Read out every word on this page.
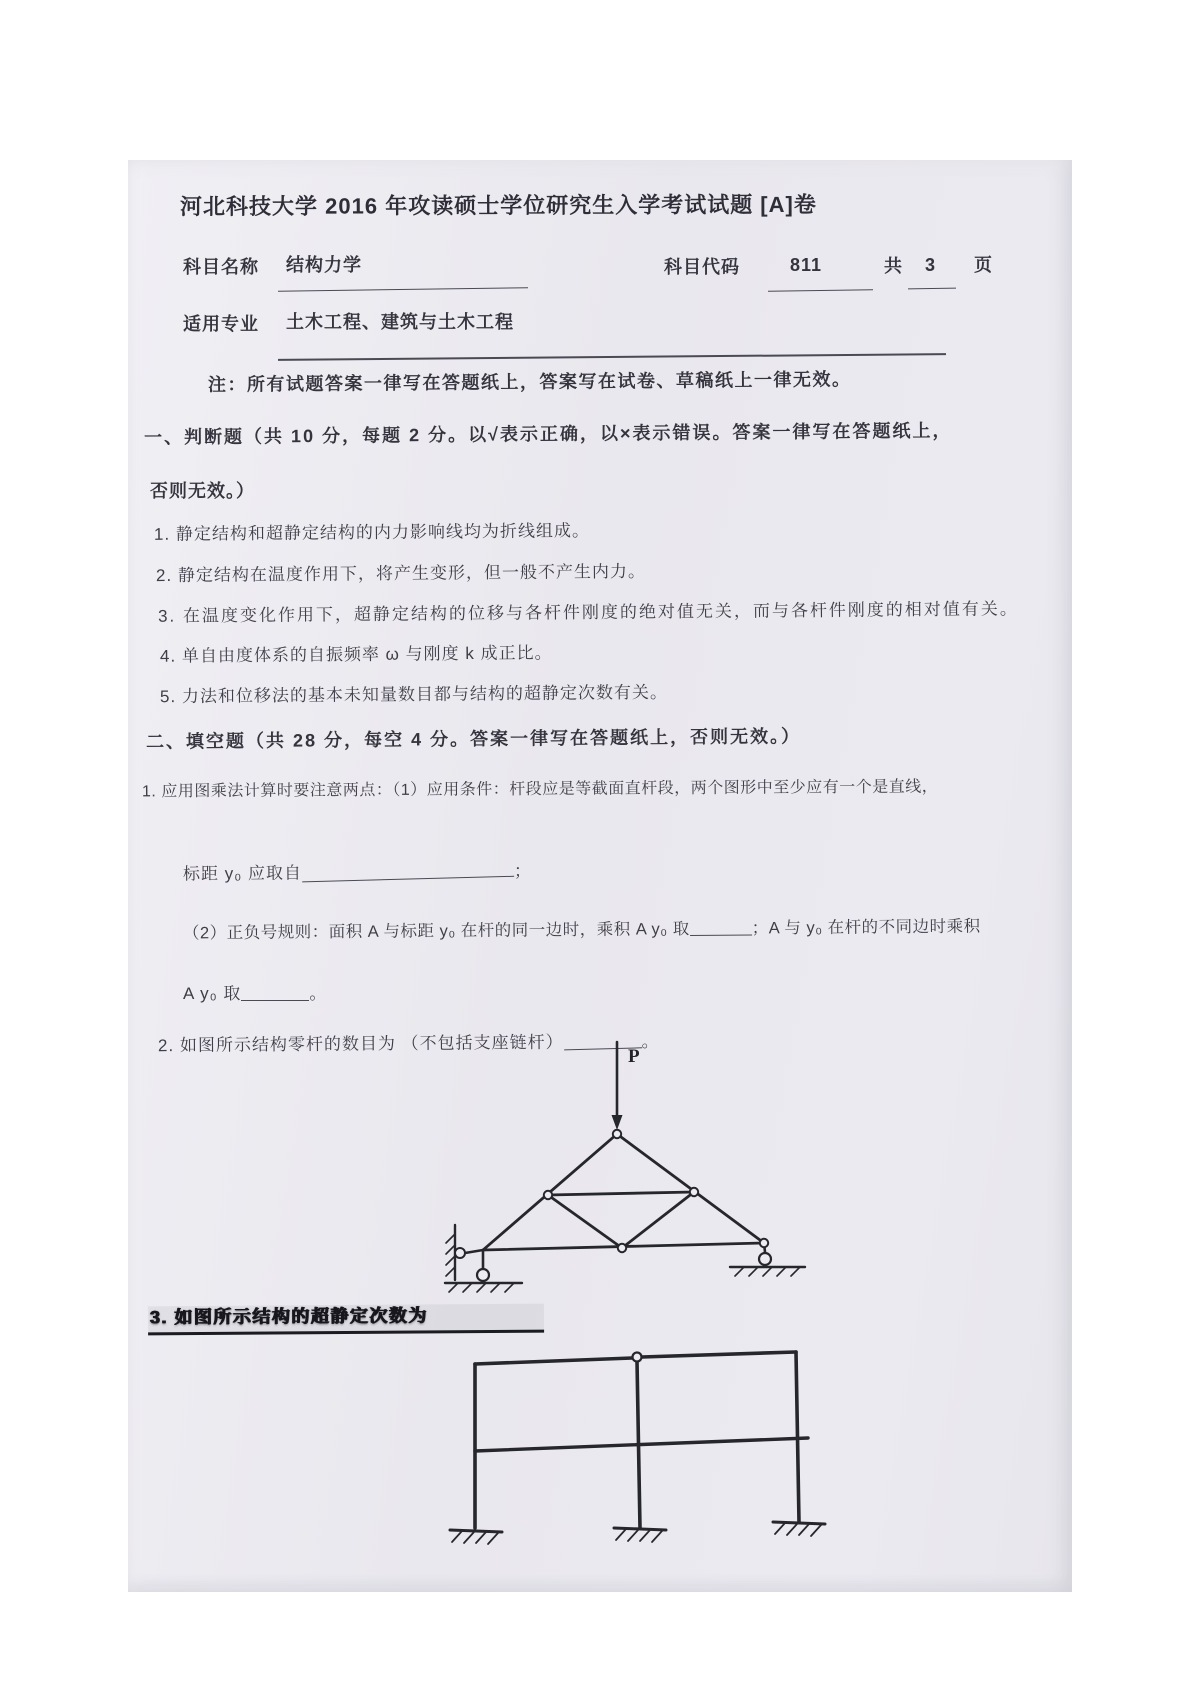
河北科技大学 2016 年攻读硕士学位研究生入学考试试题 [A]卷
科目名称 结构力学	科目代码	811	共 3 页
适用专业 土木工程、建筑与土木工程
注：所有试题答案一律写在答题纸上，答案写在试卷、草稿纸上一律无效。
一、判断题（共 10 分，每题 2 分。以√表示正确，以×表示错误。答案一律写在答题纸上，
否则无效。）
1. 静定结构和超静定结构的内力影响线均为折线组成。
2. 静定结构在温度作用下，将产生变形，但一般不产生内力。
3. 在温度变化作用下，超静定结构的位移与各杆件刚度的绝对值无关，而与各杆件刚度的相对值有关。
4. 单自由度体系的自振频率 ω 与刚度 k 成正比。
5. 力法和位移法的基本未知量数目都与结构的超静定次数有关。
二、填空题（共 28 分，每空 4 分。答案一律写在答题纸上，否则无效。）
1. 应用图乘法计算时要注意两点：（1）应用条件：杆段应是等截面直杆段，两个图形中至少应有一个是直线，
标距 y₀ 应取自	；
（2）正负号规则：面积 A 与标距 y₀ 在杆的同一边时，乘积 A y₀ 取	；A 与 y₀ 在杆的不同边时乘积
A y₀ 取	。
2. 如图所示结构零杆的数目为 （不包括支座链杆）	。
P
3. 如图所示结构的超静定次数为
